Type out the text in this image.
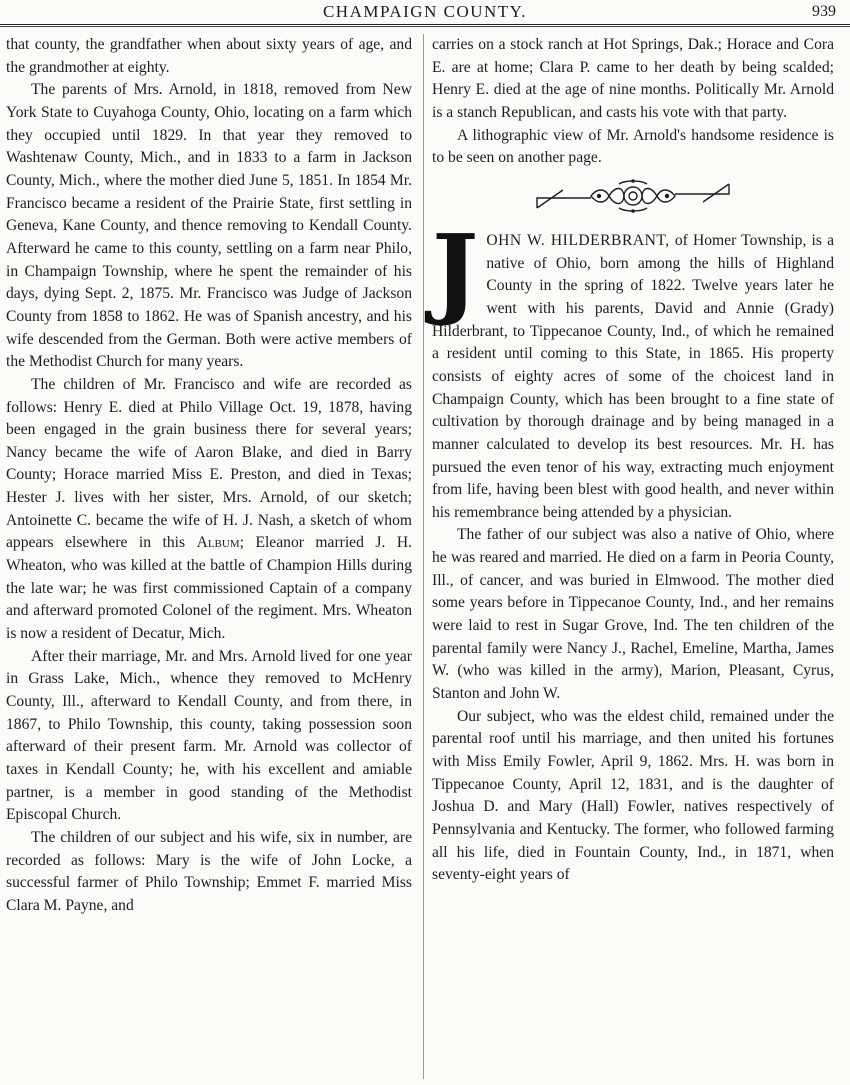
CHAMPAIGN COUNTY.	939

that county, the grandfather when about sixty years of age, and the grandmother at eighty.

The parents of Mrs. Arnold, in 1818, removed from New York State to Cuyahoga County, Ohio, locating on a farm which they occupied until 1829. In that year they removed to Washtenaw County, Mich., and in 1833 to a farm in Jackson County, Mich., where the mother died June 5, 1851. In 1854 Mr. Francisco became a resident of the Prairie State, first settling in Geneva, Kane County, and thence removing to Kendall County. Afterward he came to this county, settling on a farm near Philo, in Champaign Township, where he spent the remainder of his days, dying Sept. 2, 1875. Mr. Francisco was Judge of Jackson County from 1858 to 1862. He was of Spanish ancestry, and his wife descended from the German. Both were active members of the Methodist Church for many years.

The children of Mr. Francisco and wife are recorded as follows: Henry E. died at Philo Village Oct. 19, 1878, having been engaged in the grain business there for several years; Nancy became the wife of Aaron Blake, and died in Barry County; Horace married Miss E. Preston, and died in Texas; Hester J. lives with her sister, Mrs. Arnold, of our sketch; Antoinette C. became the wife of H. J. Nash, a sketch of whom appears elsewhere in this Album; Eleanor married J. H. Wheaton, who was killed at the battle of Champion Hills during the late war; he was first commissioned Captain of a company and afterward promoted Colonel of the regiment. Mrs. Wheaton is now a resident of Decatur, Mich.

After their marriage, Mr. and Mrs. Arnold lived for one year in Grass Lake, Mich., whence they removed to McHenry County, Ill., afterward to Kendall County, and from there, in 1867, to Philo Township, this county, taking possession soon afterward of their present farm. Mr. Arnold was collector of taxes in Kendall County; he, with his excellent and amiable partner, is a member in good standing of the Methodist Episcopal Church.

The children of our subject and his wife, six in number, are recorded as follows: Mary is the wife of John Locke, a successful farmer of Philo Township; Emmet F. married Miss Clara M. Payne, and

carries on a stock ranch at Hot Springs, Dak.; Horace and Cora E. are at home; Clara P. came to her death by being scalded; Henry E. died at the age of nine months. Politically Mr. Arnold is a stanch Republican, and casts his vote with that party.

A lithographic view of Mr. Arnold's handsome residence is to be seen on another page.

J OHN W. HILDERBRANT, of Homer Township, is a native of Ohio, born among the hills of Highland County in the spring of 1822. Twelve years later he went with his parents, David and Annie (Grady) Hilderbrant, to Tippecanoe County, Ind., of which he remained a resident until coming to this State, in 1865. His property consists of eighty acres of some of the choicest land in Champaign County, which has been brought to a fine state of cultivation by thorough drainage and by being managed in a manner calculated to develop its best resources. Mr. H. has pursued the even tenor of his way, extracting much enjoyment from life, having been blest with good health, and never within his remembrance being attended by a physician.

The father of our subject was also a native of Ohio, where he was reared and married. He died on a farm in Peoria County, Ill., of cancer, and was buried in Elmwood. The mother died some years before in Tippecanoe County, Ind., and her remains were laid to rest in Sugar Grove, Ind. The ten children of the parental family were Nancy J., Rachel, Emeline, Martha, James W. (who was killed in the army), Marion, Pleasant, Cyrus, Stanton and John W.

Our subject, who was the eldest child, remained under the parental roof until his marriage, and then united his fortunes with Miss Emily Fowler, April 9, 1862. Mrs. H. was born in Tippecanoe County, April 12, 1831, and is the daughter of Joshua D. and Mary (Hall) Fowler, natives respectively of Pennsylvania and Kentucky. The former, who followed farming all his life, died in Fountain County, Ind., in 1871, when seventy-eight years of
